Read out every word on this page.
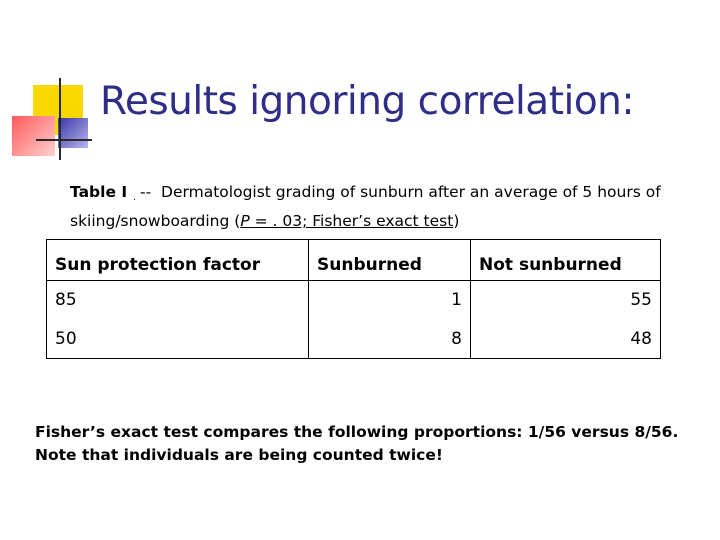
Results ignoring correlation:
Table I . -- Dermatologist grading of sunburn after an average of 5 hours of
skiing/snowboarding (P = . 03; Fisher’s exact test)
Sun protection factor	Sunburned	Not sunburned
85	1	55
50	8	48
Fisher’s exact test compares the following proportions: 1/56 versus 8/56.
Note that individuals are being counted twice!
